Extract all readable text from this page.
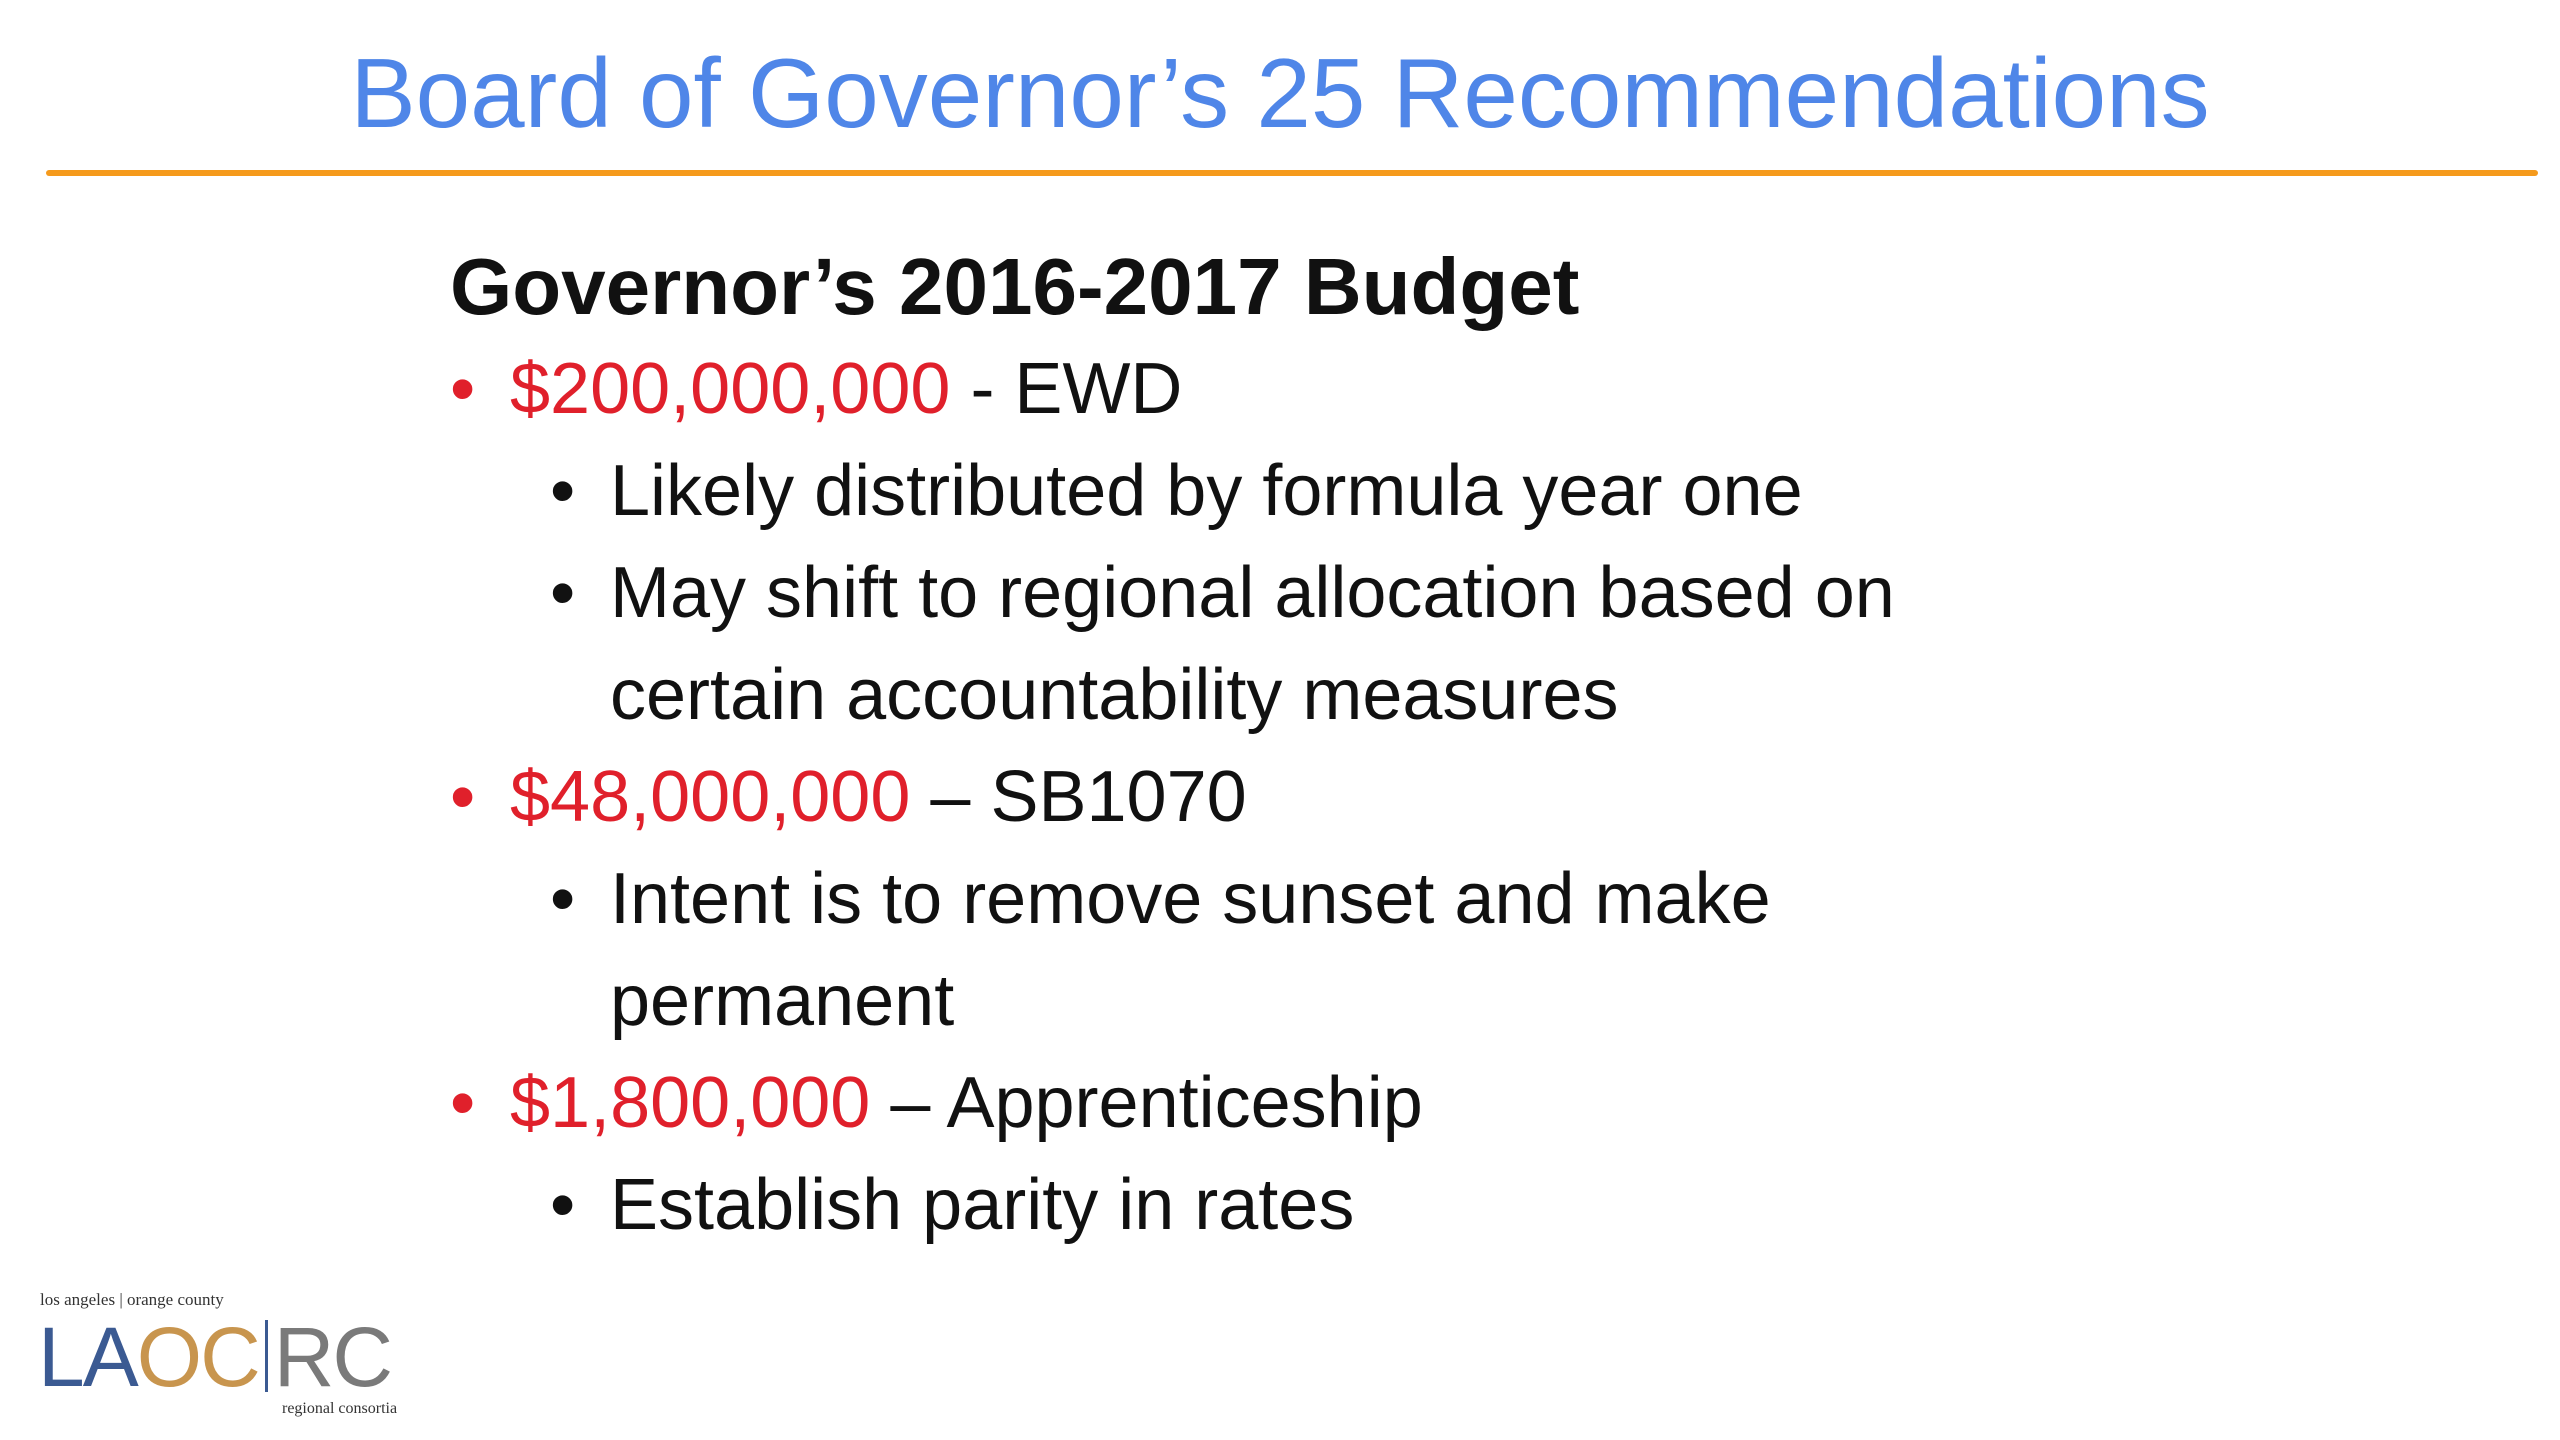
Board of Governor’s 25 Recommendations
Governor’s 2016-2017 Budget
• $200,000,000 - EWD
• Likely distributed by formula year one
• May shift to regional allocation based on
certain accountability measures
• $48,000,000 – SB1070
• Intent is to remove sunset and make
permanent
• $1,800,000 – Apprenticeship
• Establish parity in rates
los angeles | orange county
LAOC RC
regional consortia
